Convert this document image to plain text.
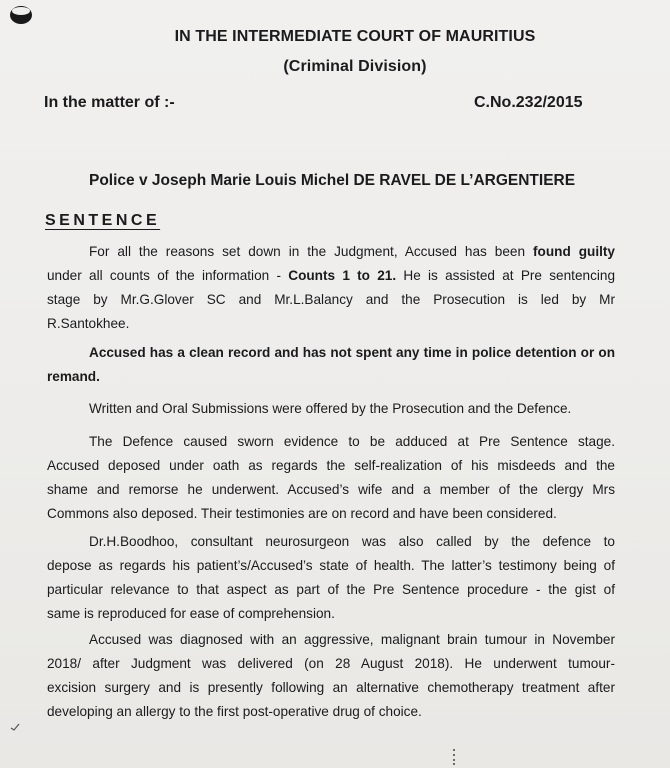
IN THE INTERMEDIATE COURT OF MAURITIUS
(Criminal Division)
In the matter of :-	C.No.232/2015
Police v Joseph Marie Louis Michel DE RAVEL DE L’ARGENTIERE
SENTENCE
For all the reasons set down in the Judgment, Accused has been found guilty
under all counts of the information - Counts 1 to 21. He is assisted at Pre sentencing
stage by Mr.G.Glover SC and Mr.L.Balancy and the Prosecution is led by Mr
R.Santokhee.
Accused has a clean record and has not spent any time in police detention or on
remand.
Written and Oral Submissions were offered by the Prosecution and the Defence.
The Defence caused sworn evidence to be adduced at Pre Sentence stage.
Accused deposed under oath as regards the self-realization of his misdeeds and the
shame and remorse he underwent. Accused’s wife and a member of the clergy Mrs
Commons also deposed. Their testimonies are on record and have been considered.
Dr.H.Boodhoo, consultant neurosurgeon was also called by the defence to
depose as regards his patient’s/Accused’s state of health. The latter’s testimony being of
particular relevance to that aspect as part of the Pre Sentence procedure - the gist of
same is reproduced for ease of comprehension.
Accused was diagnosed with an aggressive, malignant brain tumour in November
2018/ after Judgment was delivered (on 28 August 2018). He underwent tumour-
excision surgery and is presently following an alternative chemotherapy treatment after
developing an allergy to the first post-operative drug of choice.
